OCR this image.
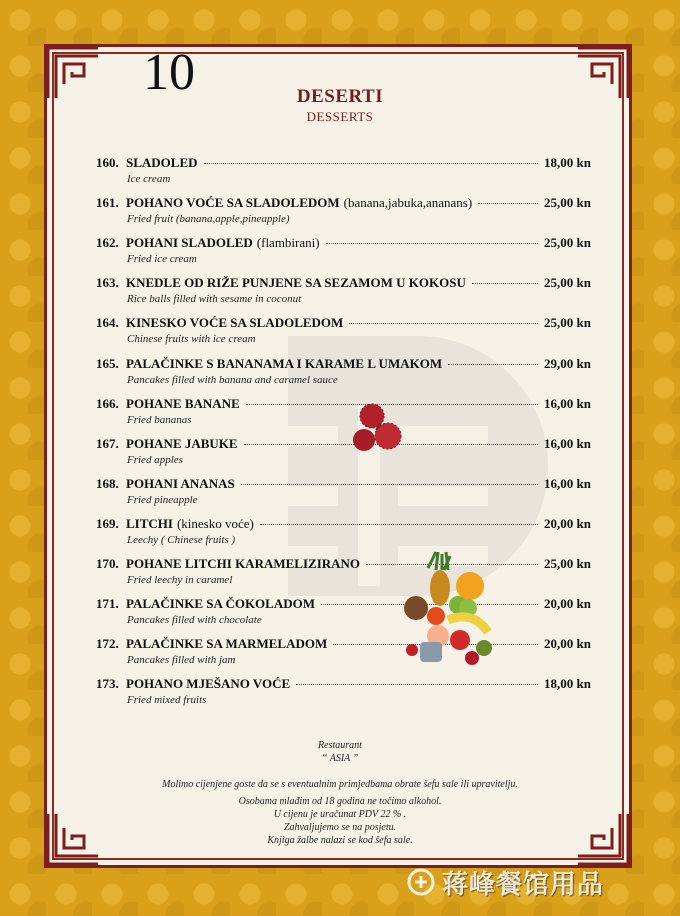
10	DESERTI
DESSERTS
160. SLADOLED	18,00 kn
Ice cream
161. POHANO VOĆE SA SLADOLEDOM (banana,jabuka,ananans)	25,00 kn
Fried fruit (banana,apple,pineapple)
162. POHANI SLADOLED (flambirani)	25,00 kn
Fried ice cream
163. KNEDLE OD RIŽE PUNJENE SA SEZAMOM U KOKOSU	25,00 kn
Rice balls filled with sesame in coconut
164. KINESKO VOĆE SA SLADOLEDOM	25,00 kn
Chinese fruits with ice cream
165. PALAČINKE S BANANAMA I KARAME L UMAKOM	29,00 kn
Pancakes filled with banana and caramel sauce
166. POHANE BANANE	16,00 kn
Fried bananas
167. POHANE JABUKE	16,00 kn
Fried apples
168. POHANI ANANAS	16,00 kn
Fried pineapple
169. LITCHI (kinesko voće)	20,00 kn
Leechy ( Chinese fruits )
170. POHANE LITCHI KARAMELIZIRANO	25,00 kn
Fried leechy in caramel
171. PALAČINKE SA ČOKOLADOM	20,00 kn
Pancakes filled with chocolate
172. PALAČINKE SA MARMELADOM	20,00 kn
Pancakes filled with jam
173. POHANO MJEŠANO VOĆE	18,00 kn
Fried mixed fruits
Restaurant
“ ASIA ”
Molimo cijenjene goste da se s eventualnim primjedbama obrate šefu sale ili upravitelju.
Osobama mlađim od 18 godina ne točimo alkohol.
U cijenu je uračunat PDV 22 % .
Zahvaljujemo se na posjetu.
Knjiga žalbe nalazi se kod šefa sale.
蒋峰餐馆用品
